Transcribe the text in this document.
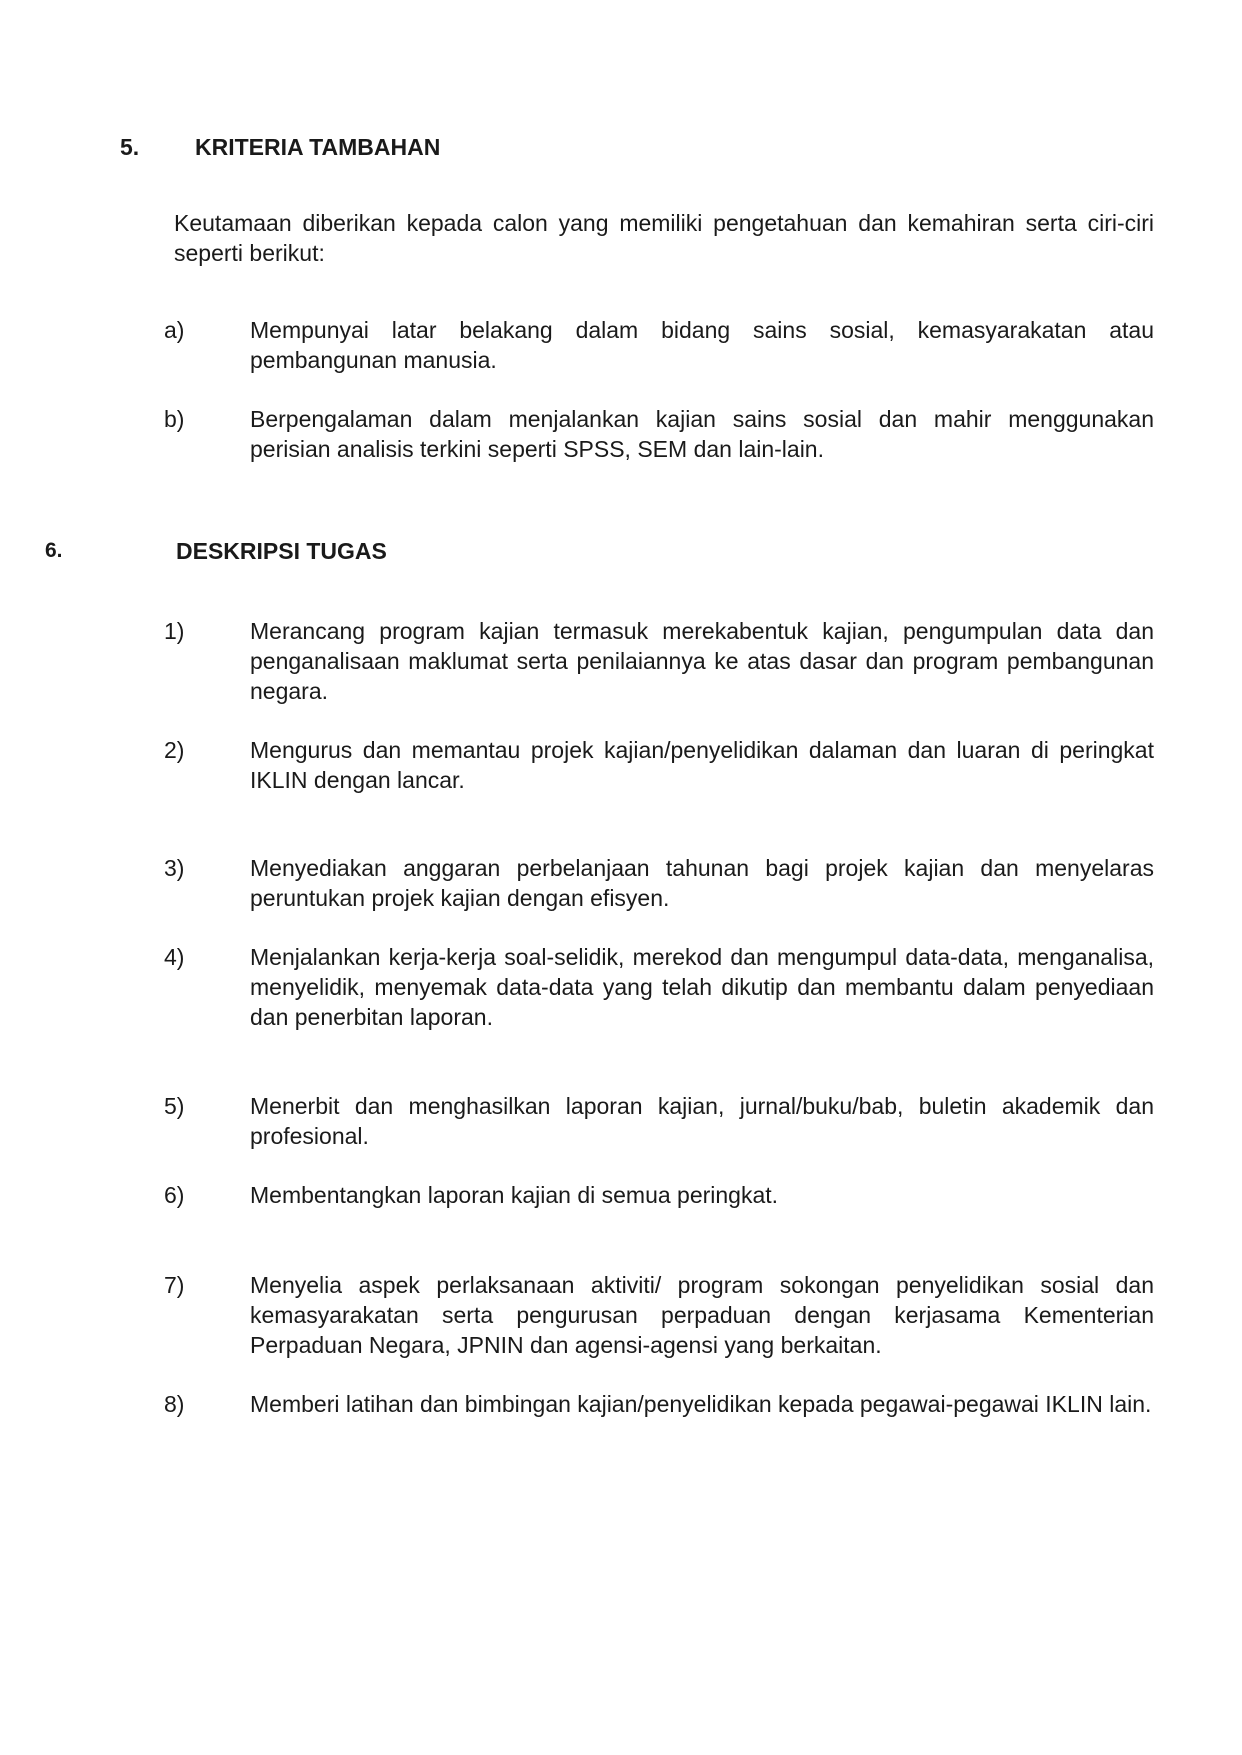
5. KRITERIA TAMBAHAN
Keutamaan diberikan kepada calon yang memiliki pengetahuan dan kemahiran serta ciri-ciri seperti berikut:
a)	Mempunyai latar belakang dalam bidang sains sosial, kemasyarakatan atau pembangunan manusia.
b)	Berpengalaman dalam menjalankan kajian sains sosial dan mahir menggunakan perisian analisis terkini seperti SPSS, SEM dan lain-lain.
6.	DESKRIPSI TUGAS
1)	Merancang program kajian termasuk merekabentuk kajian, pengumpulan data dan penganalisaan maklumat serta penilaiannya ke atas dasar dan program pembangunan negara.
2)	Mengurus dan memantau projek kajian/penyelidikan dalaman dan luaran di peringkat IKLIN dengan lancar.
3)	Menyediakan anggaran perbelanjaan tahunan bagi projek kajian dan menyelaras peruntukan projek kajian dengan efisyen.
4)	Menjalankan kerja-kerja soal-selidik, merekod dan mengumpul data-data, menganalisa, menyelidik, menyemak data-data yang telah dikutip dan membantu dalam penyediaan dan penerbitan laporan.
5)	Menerbit dan menghasilkan laporan kajian, jurnal/buku/bab, buletin akademik dan profesional.
6)	Membentangkan laporan kajian di semua peringkat.
7)	Menyelia aspek perlaksanaan aktiviti/ program sokongan penyelidikan sosial dan kemasyarakatan serta pengurusan perpaduan dengan kerjasama Kementerian Perpaduan Negara, JPNIN dan agensi-agensi yang berkaitan.
8)	Memberi latihan dan bimbingan kajian/penyelidikan kepada pegawai-pegawai IKLIN lain.
